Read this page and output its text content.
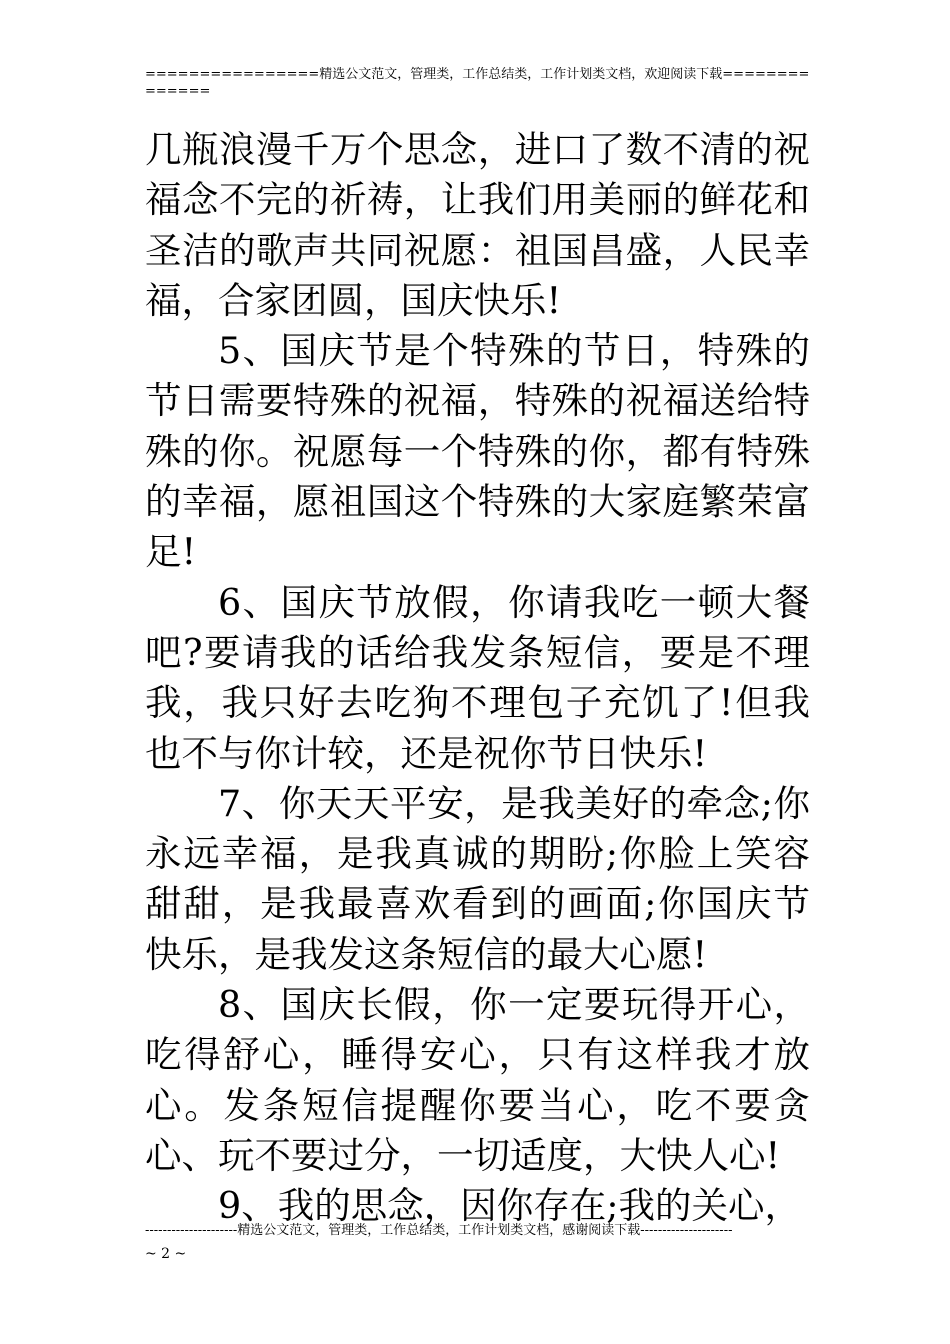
================精选公文范文，管理类，工作总结类，工作计划类文档，欢迎阅读下载==============

几瓶浪漫千万个思念，进口了数不清的祝福念不完的祈祷，让我们用美丽的鲜花和圣洁的歌声共同祝愿：祖国昌盛，人民幸福，合家团圆，国庆快乐!

5、国庆节是个特殊的节日，特殊的节日需要特殊的祝福，特殊的祝福送给特殊的你。祝愿每一个特殊的你，都有特殊的幸福，愿祖国这个特殊的大家庭繁荣富足!

6、国庆节放假，你请我吃一顿大餐吧?要请我的话给我发条短信，要是不理我，我只好去吃狗不理包子充饥了!但我也不与你计较，还是祝你节日快乐!

7、你天天平安，是我美好的牵念;你永远幸福，是我真诚的期盼;你脸上笑容甜甜，是我最喜欢看到的画面;你国庆节快乐，是我发这条短信的最大心愿!

8、国庆长假，你一定要玩得开心，吃得舒心，睡得安心，只有这样我才放心。发条短信提醒你要当心，吃不要贪心、玩不要过分，一切适度，大快人心!

9、我的思念，因你存在;我的关心，

---------------------精选公文范文，管理类，工作总结类，工作计划类文档，感谢阅读下载---------------------
~ 2 ~
